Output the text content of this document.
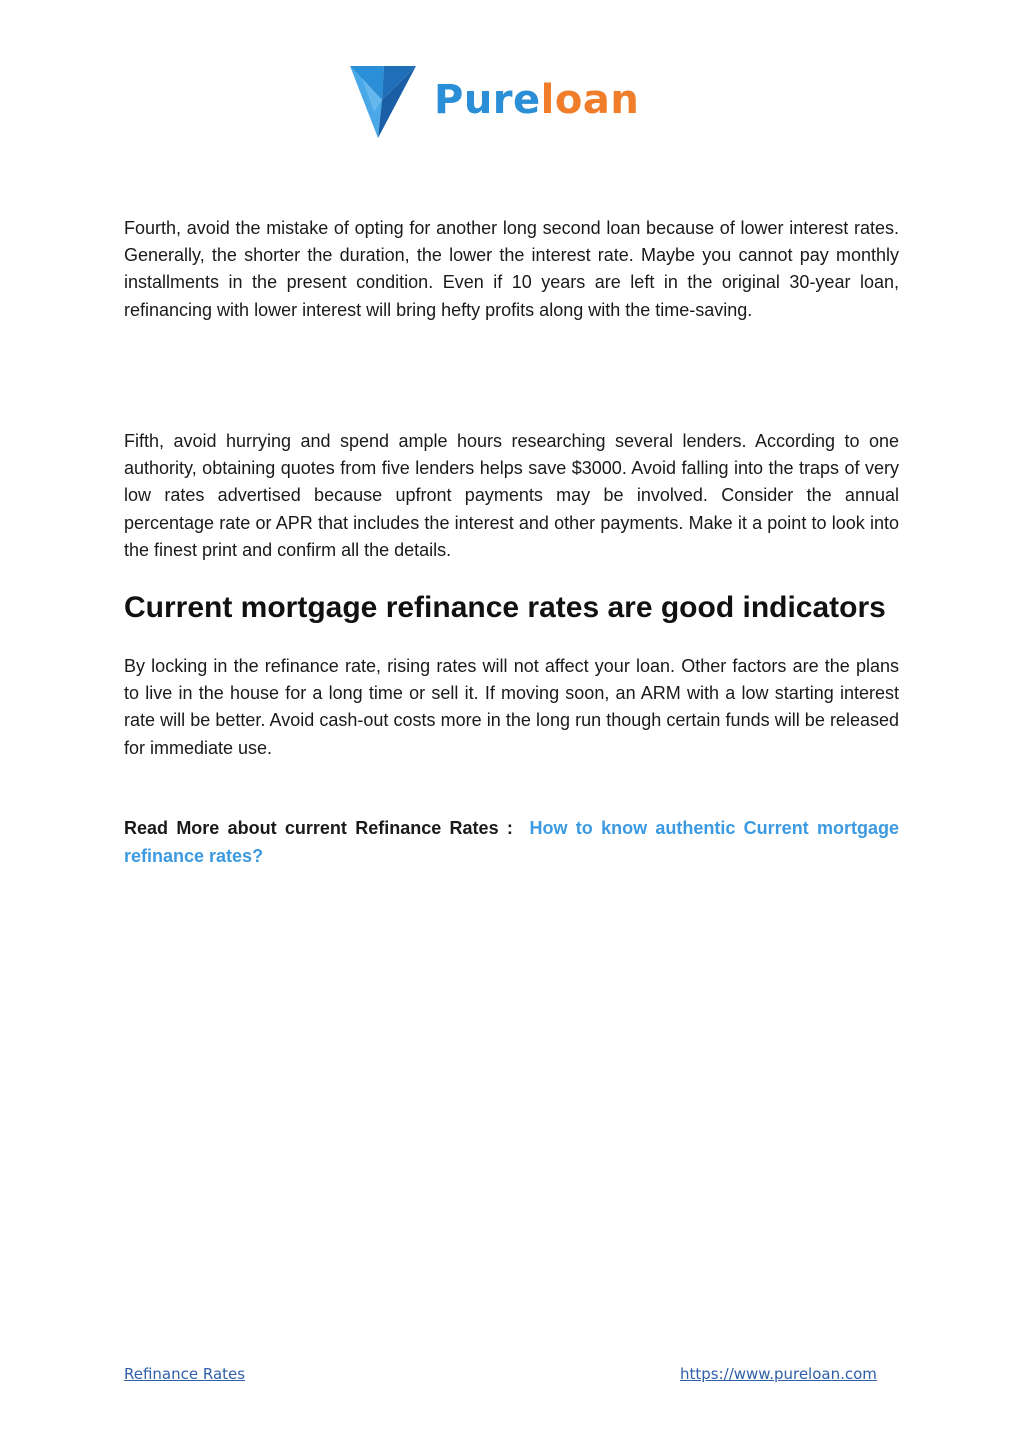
Pureloan

Fourth, avoid the mistake of opting for another long second loan because of lower interest rates. Generally, the shorter the duration, the lower the interest rate. Maybe you cannot pay monthly installments in the present condition. Even if 10 years are left in the original 30-year loan, refinancing with lower interest will bring hefty profits along with the time-saving.

Fifth, avoid hurrying and spend ample hours researching several lenders. According to one authority, obtaining quotes from five lenders helps save $3000. Avoid falling into the traps of very low rates advertised because upfront payments may be involved. Consider the annual percentage rate or APR that includes the interest and other payments. Make it a point to look into the finest print and confirm all the details.

Current mortgage refinance rates are good indicators

By locking in the refinance rate, rising rates will not affect your loan. Other factors are the plans to live in the house for a long time or sell it. If moving soon, an ARM with a low starting interest rate will be better. Avoid cash-out costs more in the long run though certain funds will be released for immediate use.

Read More about current Refinance Rates : How to know authentic Current mortgage refinance rates?

Refinance Rates	https://www.pureloan.com
